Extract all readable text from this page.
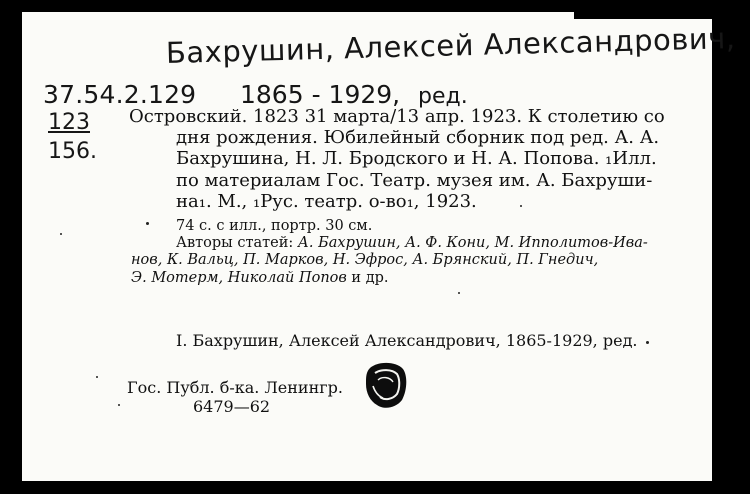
Бахрушин, Алексей Александрович,
37.54.2.129 1865 - 1929, ред.
123
156.
Островский. 1823 31 марта/13 апр. 1923. К столетию со
дня рождения. Юбилейный сборник под ред. А. А.
Бахрушина, Н. Л. Бродского и Н. А. Попова. ₁Илл.
по материалам Гос. Театр. музея им. А. Бахруши-
на₁. М., ₁Рус. театр. о-во₁, 1923.
74 с. с илл., портр. 30 см.
Авторы статей: А. Бахрушин, А. Ф. Кони, М. Ипполитов-Ива-
нов, К. Вальц, П. Марков, Н. Эфрос, А. Брянский, П. Гнедич,
Э. Мотерм, Николай Попов и др.
I. Бахрушин, Алексей Александрович, 1865-1929, ред.
Гос. Публ. б-ка. Ленингр.
6479—62
